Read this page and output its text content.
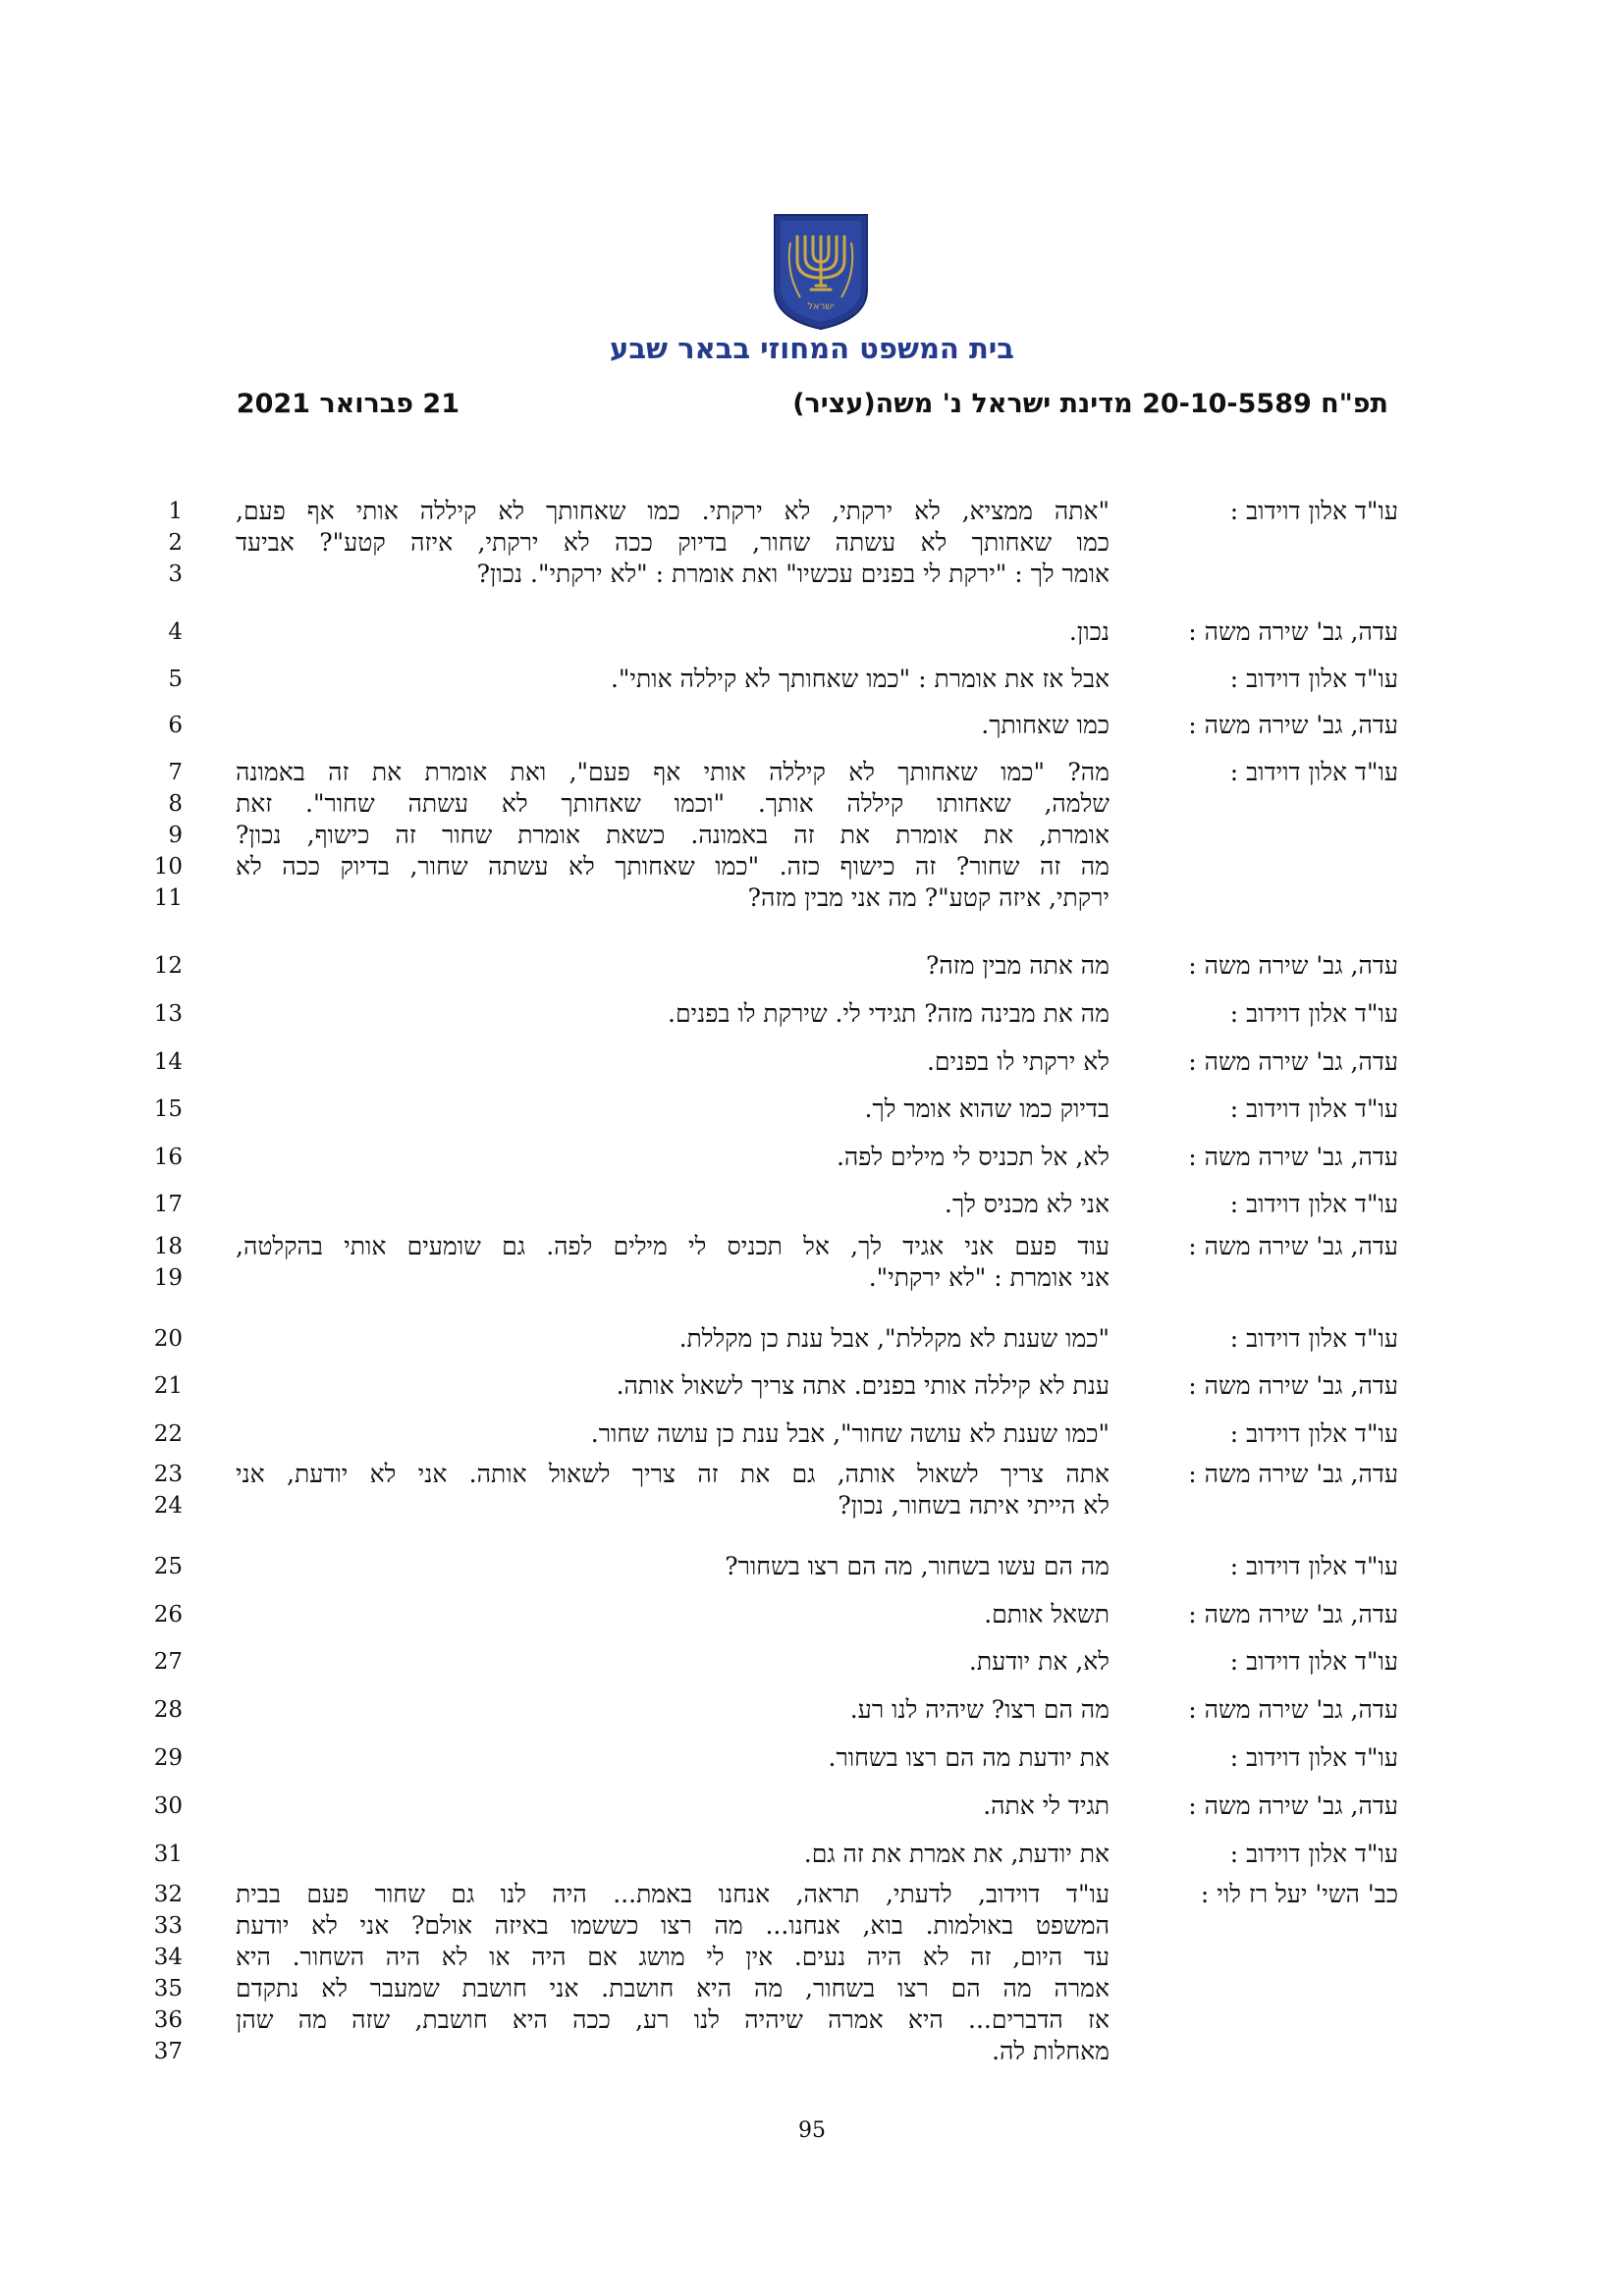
ישראל
בית המשפט המחוזי בבאר שבע
תפ"ח 20-10-5589 מדינת ישראל נ' משה(עציר)
21 פברואר 2021
עו"ד אלון דוידוב :
"אתה ממציא, לא ירקתי, לא ירקתי. כמו שאחותך לא קיללה אותי אף פעם,
כמו שאחותך לא עשתה שחור, בדיוק ככה לא ירקתי, איזה קטע"? אביעד
אומר לך : "ירקת לי בפנים עכשיו" ואת אומרת : "לא ירקתי". נכון?
1
2
3
עדה, גב' שירה משה :
נכון.
4
עו"ד אלון דוידוב :
אבל אז את אומרת : "כמו שאחותך לא קיללה אותי".
5
עדה, גב' שירה משה :
כמו שאחותך.
6
עו"ד אלון דוידוב :
מה? "כמו שאחותך לא קיללה אותי אף פעם", ואת אומרת את זה באמונה
שלמה, שאחותו קיללה אותך. "וכמו שאחותך לא עשתה שחור". זאת
אומרת, את אומרת את זה באמונה. כשאת אומרת שחור זה כישוף, נכון?
מה זה שחור? זה כישוף כזה. "כמו שאחותך לא עשתה שחור, בדיוק ככה לא
ירקתי, איזה קטע"? מה אני מבין מזה?
7
8
9
10
11
עדה, גב' שירה משה :
מה אתה מבין מזה?
12
עו"ד אלון דוידוב :
מה את מבינה מזה? תגידי לי. שירקת לו בפנים.
13
עדה, גב' שירה משה :
לא ירקתי לו בפנים.
14
עו"ד אלון דוידוב :
בדיוק כמו שהוא אומר לך.
15
עדה, גב' שירה משה :
לא, אל תכניס לי מילים לפה.
16
עו"ד אלון דוידוב :
אני לא מכניס לך.
17
עדה, גב' שירה משה :
עוד פעם אני אגיד לך, אל תכניס לי מילים לפה. גם שומעים אותי בהקלטה,
אני אומרת : "לא ירקתי".
18
19
עו"ד אלון דוידוב :
"כמו שענת לא מקללת", אבל ענת כן מקללת.
20
עדה, גב' שירה משה :
ענת לא קיללה אותי בפנים. אתה צריך לשאול אותה.
21
עו"ד אלון דוידוב :
"כמו שענת לא עושה שחור", אבל ענת כן עושה שחור.
22
עדה, גב' שירה משה :
אתה צריך לשאול אותה, גם את זה צריך לשאול אותה. אני לא יודעת, אני
לא הייתי איתה בשחור, נכון?
23
24
עו"ד אלון דוידוב :
מה הם עשו בשחור, מה הם רצו בשחור?
25
עדה, גב' שירה משה :
תשאל אותם.
26
עו"ד אלון דוידוב :
לא, את יודעת.
27
עדה, גב' שירה משה :
מה הם רצו? שיהיה לנו רע.
28
עו"ד אלון דוידוב :
את יודעת מה הם רצו בשחור.
29
עדה, גב' שירה משה :
תגיד לי אתה.
30
עו"ד אלון דוידוב :
את יודעת, את אמרת את זה גם.
31
כב' השי' יעל רז לוי :
עו"ד דוידוב, לדעתי, תראה, אנחנו באמת... היה לנו גם שחור פעם בבית
המשפט באולמות. בוא, אנחנו... מה רצו כששמו באיזה אולם? אני לא יודעת
עד היום, זה לא היה נעים. אין לי מושג אם היה או לא היה השחור. היא
אמרה מה הם רצו בשחור, מה היא חושבת. אני חושבת שמעבר לא נתקדם
אז הדברים... היא אמרה שיהיה לנו רע, ככה היא חושבת, שזה מה שהן
מאחלות לה.
32
33
34
35
36
37
95
